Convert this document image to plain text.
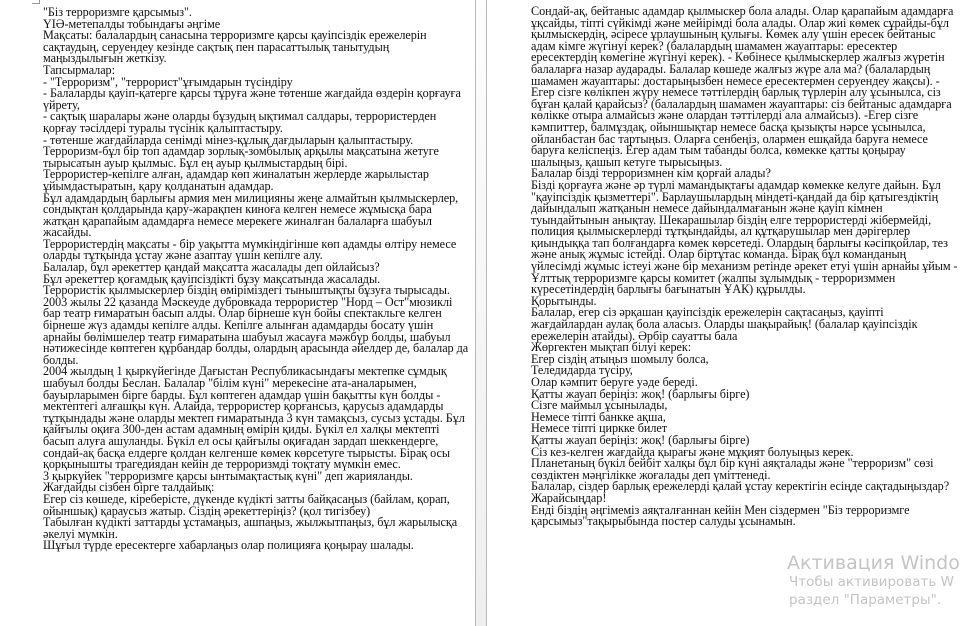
"Біз терроризмге қарсымыз".
ҮІӘ-метепалды тобындағы әңгіме
Мақсаты: балалардың санасына терроризмге қарсы қауіпсіздік ережелерін
сақтаудың, серуендеу кезінде сақтық пен парасаттылық танытудың
маңыздылығын жеткізу.
Тапсырмалар:
- "Терроризм", "террорист"ұғымдарын түсіндіру
- Балаларды қауіп-қатерге қарсы тұруға және төтенше жағдайда өздерін қорғауға
үйрету,
- сақтық шаралары және оларды бұзудың ықтимал салдары, террористерден
қорғау тәсілдері туралы түсінік қалыптастыру.
- төтенше жағдайларда сенімді мінез-құлық дағдыларын қалыптастыру.
Терроризм-бұл бір топ адамдар зорлық-зомбылық арқылы мақсатына жетуге
тырысатын ауыр қылмыс. Бұл ең ауыр қылмыстардың бірі.
Террористер-кепілге алған, адамдар көп жиналатын жерлерде жарылыстар
ұйымдастыратын, қару қолданатын адамдар.
Бұл адамдардың барлығы армия мен милицияны жеңе алмайтын қылмыскерлер,
сондықтан қолдарында қару-жарақпен киноға келген немесе жұмысқа бара
жатқан қарапайым адамдарға немесе мерекеге жиналған балаларға шабуыл
жасайды.
Террористердің мақсаты - бір уақытта мүмкіндігінше көп адамды өлтіру немесе
оларды тұтқында ұстау және азаптау үшін кепілге алу.
Балалар, бұл әрекеттер қандай мақсатта жасалады деп ойлайсыз?
Бұл әрекеттер қоғамдық қауіпсіздікті бұзу мақсатында жасалады.
Террористік қылмыскерлер біздің өміріміздегі тыныштықты бұзуға тырысады.
2003 жылы 22 қазанда Мәскеуде дубровкада террористер "Норд – Ост"мюзиклі
бар театр ғимаратын басып алды. Олар бірнеше күн бойы спектакльге келген
бірнеше жүз адамды кепілге алды. Кепілге алынған адамдарды босату үшін
арнайы бөлімшелер театр ғимаратына шабуыл жасауға мәжбүр болды, шабуыл
нәтижесінде көптеген құрбандар болды, олардың арасында әйелдер де, балалар да
болды.
2004 жылдың 1 қыркүйегінде Дағыстан Республикасындағы мектепке сұмдық
шабуыл болды Беслан. Балалар "білім күні" мерекесіне ата-аналарымен,
бауырларымен бірге барды. Бұл көптеген адамдар үшін бақытты күн болды -
мектептегі алғашқы күн. Алайда, террористер қорғансыз, қарусыз адамдарды
тұтқындады және оларды мектеп ғимаратында 3 күн тамақсыз, сусыз ұстады. Бұл
қайғылы оқиға 300-ден астам адамның өмірін қиды. Бүкіл ел халқы мектепті
басып алуға ашуланды. Бүкіл ел осы қайғылы оқиғадан зардап шеккендерге,
сондай-ақ басқа елдерге қолдан келгенше көмек көрсетуге тырысты. Бірақ осы
қорқынышты трагедиядан кейін де терроризмді тоқтату мүмкін емес.
3 қыркүйек "терроризмге қарсы ынтымақтастық күні" деп жарияланды.
Жағдайды сізбен бірге талдайық:
Егер сіз көшеде, кіреберісте, дүкенде күдікті затты байқасаңыз (байлам, қорап,
ойыншық) қараусыз жатыр. Сіздің әрекеттеріңіз? (қол тигізбеу)
Табылған күдікті заттарды ұстамаңыз, ашпаңыз, жылжытпаңыз, бұл жарылысқа
әкелуі мүмкін.
Шұғыл түрде ересектерге хабарлаңыз олар полицияға қоңырау шалады.
Сондай-ақ, бейтаныс адамдар қылмыскер бола алады. Олар қарапайым адамдарға
ұқсайды, тіпті сүйкімді және мейірімді бола алады. Олар жиі көмек сұрайды-бұл
қылмыскердің, әсіресе ұрлаушының қулығы. Көмек алу үшін ересек бейтаныс
адам кімге жүгінуі керек? (балалардың шамамен жауаптары: ересектер
ересектердің көмегіне жүгінуі керек). - Көбінесе қылмыскерлер жалғыз жүретін
балаларға назар аударады. Балалар көшеде жалғыз жүре ала ма? (балалардың
шамамен жауаптары: достарыңызбен немесе ересектермен серуендеу жақсы). -
Егер сізге көлікпен жүру немесе тәттілердің барлық түрлерін алу ұсынылса, сіз
бұған қалай қарайсыз? (балалардың шамамен жауаптары: сіз бейтаныс адамдарға
көлікке отыра алмайсыз және олардан тәттілерді ала алмайсыз). -Егер сізге
кәмпиттер, балмұздақ, ойыншықтар немесе басқа қызықты нәрсе ұсынылса,
ойланбастан бас тартыңыз. Оларға сенбеңіз, олармен ешқайда баруға немесе
баруға келіспеңіз. Егер адам тым табанды болса, көмекке қатты қоңырау
шалыңыз, қашып кетуге тырысыңыз.
Балалар бізді терроризмнен кім қорғай алады?
Бізді қорғауға және әр түрлі мамандықтағы адамдар көмекке келуге дайын. Бұл
"қауіпсіздік қызметтері". Барлаушылардың міндеті-қандай да бір қатыгездіктің
дайындалып жатқанын немесе дайындалмағанын және қауіп кімнен
туындайтынын анықтау. Шекарашылар біздің елге террористерді жібермейді,
полиция қылмыскерлерді тұтқындайды, ал құтқарушылар мен дәрігерлер
қиындыққа тап болғандарға көмек көрсетеді. Олардың барлығы кәсіпқойлар, тез
және анық жұмыс істейді. Олар біртұтас команда. Бірақ бұл команданың
үйлесімді жұмыс істеуі және бір механизм ретінде әрекет етуі үшін арнайы ұйым -
Ұлттық терроризмге қарсы комитет (жалпы зұлымдық - терроризммен
күресетіндердің барлығы бағынатын ҰАК) құрылды.
Қорытынды.
Балалар, егер сіз әрқашан қауіпсіздік ережелерін сақтасаңыз, қауіпті
жағдайлардан аулақ бола аласыз. Оларды шақырайық! (балалар қауіпсіздік
ережелерін атайды). Әрбір сауатты бала
Жөргектен мықтап білуі керек:
Егер сіздің атыңыз шомылу болса,
Теледидарда түсіру,
Олар кәмпит беруге уәде береді.
Қатты жауап беріңіз: жоқ! (барлығы бірге)
Сізге маймыл ұсынылады,
Немесе тіпті банкке ақша,
Немесе тіпті циркке билет
Қатты жауап беріңіз: жоқ! (барлығы бірге)
Сіз кез-келген жағдайда қырағы және мұқият болуыңыз керек.
Планетаның бүкіл бейбіт халқы бұл бір күні аяқталады және "терроризм" сөзі
сөздіктен мәңгілікке жоғалады деп үміттенеді.
Балалар, сіздер барлық ережелерді қалай ұстау керектігін есіңде сақтадыңыздар?
Жарайсыңдар!
Енді біздің әңгімеміз аяқталғаннан кейін Мен сіздермен "Біз терроризмге
қарсымыз"тақырыбында постер салуды ұсынамын.
Активация Windo
Чтобы активировать W
раздел "Параметры".
